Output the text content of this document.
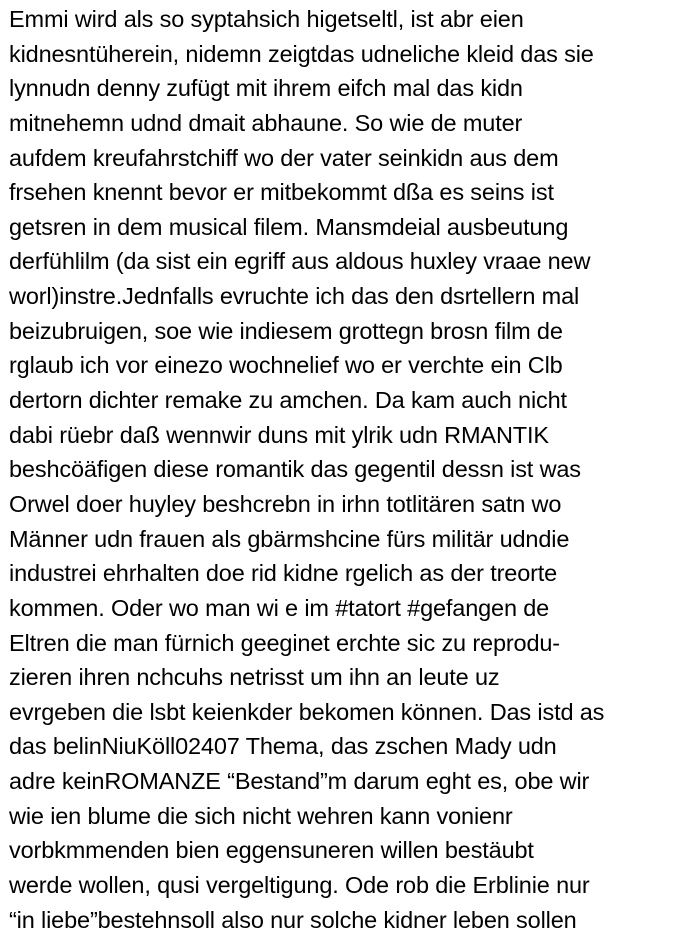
Emmi wird als so syptahsich higetseltl, ist abr eien
kidnesntüherein, nidemn zeigtdas udneliche kleid das sie
lynnudn denny zufügt mit ihrem eifch mal das kidn
mitnehemn udnd dmait abhaune. So wie de muter
aufdem kreufahrstchiff wo der vater seinkidn aus dem
frsehen knennt bevor er mitbekommt dßa es seins ist
getsren in dem musical filem. Mansmdeial ausbeutung
derfühlilm (da sist ein egriff aus aldous huxley vraae new
worl)instre.Jednfalls evruchte ich das den dsrtellern mal
beizubruigen, soe wie indiesem grottegn brosn film de
rglaub ich vor einezo wochnelief wo er verchte ein Clb
dertorn dichter remake zu amchen. Da kam auch nicht
dabi rüebr daß wennwir duns mit ylrik udn RMANTIK
beshcöäfigen diese romantik das gegentil dessn ist was
Orwel doer huyley beshcrebn in irhn totlitären satn wo
Männer udn frauen als gbärmshcine fürs militär udndie
industrei ehrhalten doe rid kidne rgelich as der treorte
kommen. Oder wo man wi e im #tatort #gefangen de
Eltren die man fürnich geeginet erchte sic zu reprodu-
zieren ihren nchcuhs netrisst um ihn an leute uz
evrgeben die lsbt keienkder bekomen können. Das istd as
das belinNiuKöll02407 Thema, das zschen Mady udn
adre keinROMANZE “Bestand”m darum eght es, obe wir
wie ien blume die sich nicht wehren kann vonienr
vorbkmmenden bien eggensuneren willen bestäubt
werde wollen, qusi vergeltigung. Ode rob die Erblinie nur
“in liebe”bestehnsoll also nur solche kidner leben sollen
